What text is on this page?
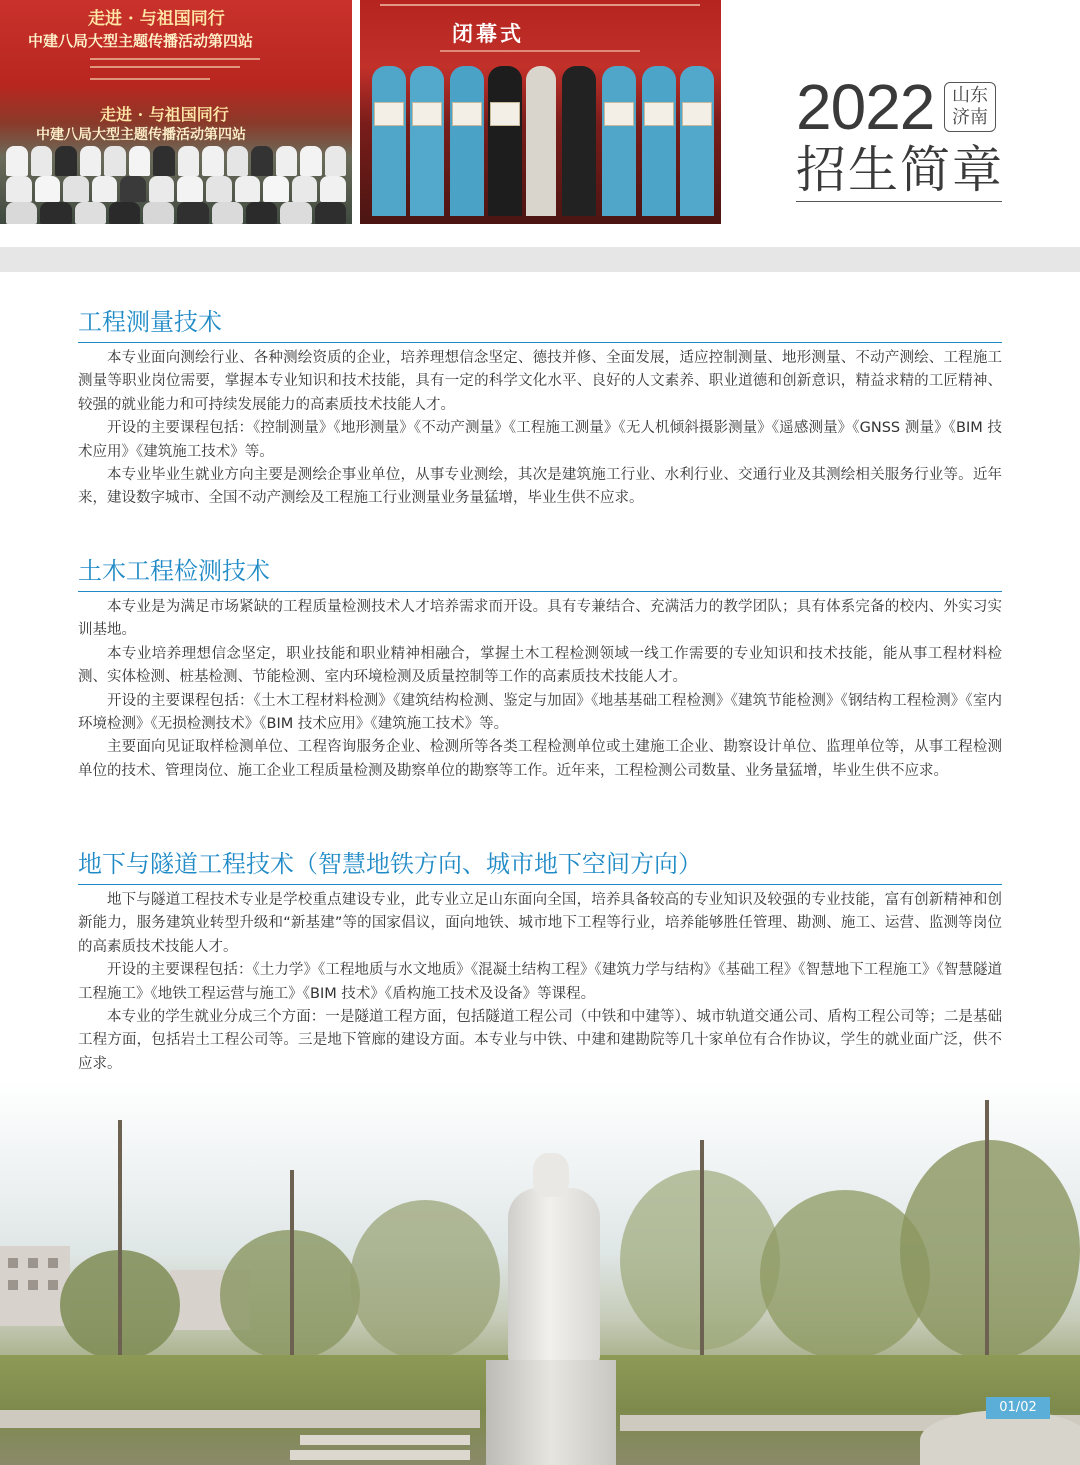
走进 · 与祖国同行
中建八局大型主题传播活动第四站
走进 · 与祖国同行
中建八局大型主题传播活动第四站
闭幕式
2022 山东
济南
招生简章
工程测量技术

本专业面向测绘行业、各种测绘资质的企业，培养理想信念坚定、德技并修、全面发展，适应控制测量、地形测量、不动产测绘、工程施工测量等职业岗位需要，掌握本专业知识和技术技能，具有一定的科学文化水平、良好的人文素养、职业道德和创新意识，精益求精的工匠精神、较强的就业能力和可持续发展能力的高素质技术技能人才。

开设的主要课程包括：《控制测量》《地形测量》《不动产测量》《工程施工测量》《无人机倾斜摄影测量》《遥感测量》《GNSS 测量》《BIM 技术应用》《建筑施工技术》等。

本专业毕业生就业方向主要是测绘企事业单位，从事专业测绘，其次是建筑施工行业、水利行业、交通行业及其测绘相关服务行业等。近年来，建设数字城市、全国不动产测绘及工程施工行业测量业务量猛增，毕业生供不应求。

土木工程检测技术

本专业是为满足市场紧缺的工程质量检测技术人才培养需求而开设。具有专兼结合、充满活力的教学团队；具有体系完备的校内、外实习实训基地。

本专业培养理想信念坚定，职业技能和职业精神相融合，掌握土木工程检测领域一线工作需要的专业知识和技术技能，能从事工程材料检测、实体检测、桩基检测、节能检测、室内环境检测及质量控制等工作的高素质技术技能人才。

开设的主要课程包括：《土木工程材料检测》《建筑结构检测、鉴定与加固》《地基基础工程检测》《建筑节能检测》《钢结构工程检测》《室内环境检测》《无损检测技术》《BIM 技术应用》《建筑施工技术》等。

主要面向见证取样检测单位、工程咨询服务企业、检测所等各类工程检测单位或土建施工企业、勘察设计单位、监理单位等，从事工程检测单位的技术、管理岗位、施工企业工程质量检测及勘察单位的勘察等工作。近年来，工程检测公司数量、业务量猛增，毕业生供不应求。

地下与隧道工程技术（智慧地铁方向、城市地下空间方向）

地下与隧道工程技术专业是学校重点建设专业，此专业立足山东面向全国，培养具备较高的专业知识及较强的专业技能，富有创新精神和创新能力，服务建筑业转型升级和“新基建”等的国家倡议，面向地铁、城市地下工程等行业，培养能够胜任管理、勘测、施工、运营、监测等岗位的高素质技术技能人才。

开设的主要课程包括：《土力学》《工程地质与水文地质》《混凝土结构工程》《建筑力学与结构》《基础工程》《智慧地下工程施工》《智慧隧道工程施工》《地铁工程运营与施工》《BIM 技术》《盾构施工技术及设备》等课程。

本专业的学生就业分成三个方面：一是隧道工程方面，包括隧道工程公司（中铁和中建等）、城市轨道交通公司、盾构工程公司等；二是基础工程方面，包括岩土工程公司等。三是地下管廊的建设方面。本专业与中铁、中建和建勘院等几十家单位有合作协议，学生的就业面广泛，供不应求。

01/02
